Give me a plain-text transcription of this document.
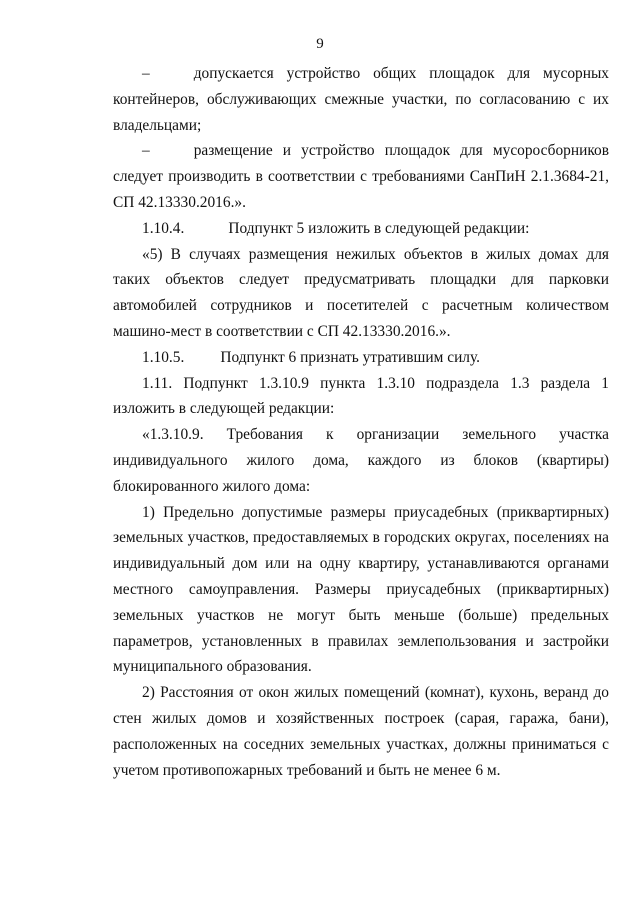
9

–	допускается устройство общих площадок для мусорных контейнеров, обслуживающих смежные участки, по согласованию с их владельцами;

–	размещение и устройство площадок для мусоросборников следует производить в соответствии с требованиями СанПиН 2.1.3684-21, СП 42.13330.2016.».

1.10.4.	Подпункт 5 изложить в следующей редакции:

«5) В случаях размещения нежилых объектов в жилых домах для таких объектов следует предусматривать площадки для парковки автомобилей сотрудников и посетителей с расчетным количеством машино-мест в соответствии с СП 42.13330.2016.».

1.10.5. Подпункт 6 признать утратившим силу.

1.11. Подпункт 1.3.10.9 пункта 1.3.10 подраздела 1.3 раздела 1 изложить в следующей редакции:

«1.3.10.9. Требования к организации земельного участка индивидуального жилого дома, каждого из блоков (квартиры) блокированного жилого дома:

1) Предельно допустимые размеры приусадебных (приквартирных) земельных участков, предоставляемых в городских округах, поселениях на индивидуальный дом или на одну квартиру, устанавливаются органами местного самоуправления. Размеры приусадебных (приквартирных) земельных участков не могут быть меньше (больше) предельных параметров, установленных в правилах землепользования и застройки муниципального образования.

2) Расстояния от окон жилых помещений (комнат), кухонь, веранд до стен жилых домов и хозяйственных построек (сарая, гаража, бани), расположенных на соседних земельных участках, должны приниматься с учетом противопожарных требований и быть не менее 6 м.
